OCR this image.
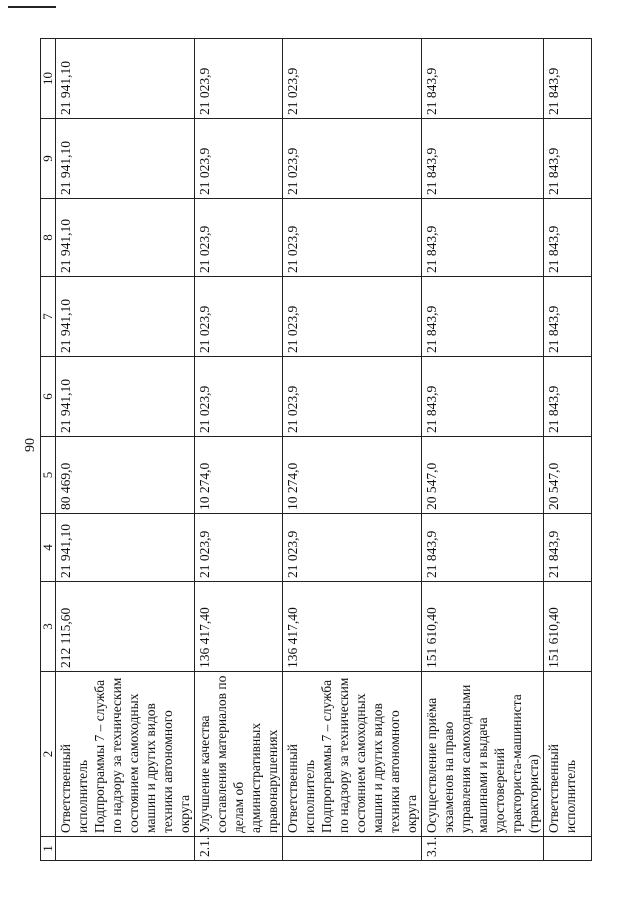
90
1	2	3	4	5	6	7	8	9	10
	Ответственный исполнитель Подпрограммы 7 – служба по надзору за техническим состоянием самоходных машин и других видов техники автономного округа	212 115,60	21 941,10	80 469,0	21 941,10	21 941,10	21 941,10	21 941,10	21 941,10
2.1.	Улучшение качества составления материалов по делам об административных правонарушениях	136 417,40	21 023,9	10 274,0	21 023,9	21 023,9	21 023,9	21 023,9	21 023,9
	Ответственный исполнитель Подпрограммы 7 – служба по надзору за техническим состоянием самоходных машин и других видов техники автономного округа	136 417,40	21 023,9	10 274,0	21 023,9	21 023,9	21 023,9	21 023,9	21 023,9
3.1.	Осуществление приёма экзаменов на право управления самоходными машинами и выдача удостоверений тракториста-машиниста (тракториста)	151 610,40	21 843,9	20 547,0	21 843,9	21 843,9	21 843,9	21 843,9	21 843,9
	Ответственный исполнитель	151 610,40	21 843,9	20 547,0	21 843,9	21 843,9	21 843,9	21 843,9	21 843,9
